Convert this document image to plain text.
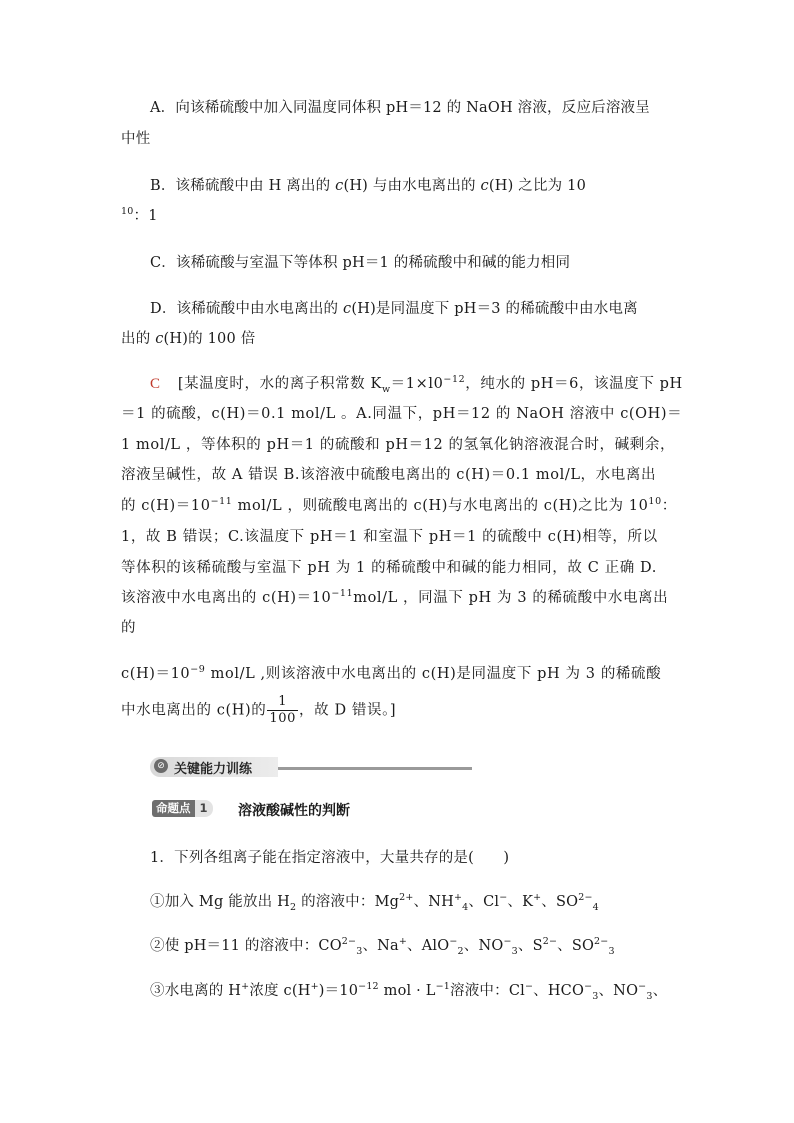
A．向该稀硫酸中加入同温度同体积 pH＝12 的 NaOH 溶液，反应后溶液呈
中性
B．该稀硫酸中由 H 离出的 c(H) 与由水电离出的 c(H) 之比为 10
$^{10}$：1
C．该稀硫酸与室温下等体积 pH＝1 的稀硫酸中和碱的能力相同
D．该稀硫酸中由水电离出的 c(H)是同温度下 pH＝3 的稀硫酸中由水电离
出的 c(H)的 100 倍
C [某温度时，水的离子积常数 $K_w=1\times l0^{-12}$，纯水的 pH＝6，该温度下 pH
＝1 的硫酸，c(H)＝0.1 mol/L 。A.同温下，pH＝12 的 NaOH 溶液中 c(OH)＝
1 mol/L ，等体积的 pH＝1 的硫酸和 pH＝12 的氢氧化钠溶液混合时，碱剩余，
溶液呈碱性，故 A 错误 B.该溶液中硫酸电离出的 c(H)＝0.1 mol/L，水电离出
的 $c(H)=10^{-11}$ mol/L ，则硫酸电离出的 c(H)与水电离出的 c(H)之比为 $10^{10}$：
1，故 B 错误；C.该温度下 pH＝1 和室温下 pH＝1 的硫酸中 c(H)相等，所以
等体积的该稀硫酸与室温下 pH 为 1 的稀硫酸中和碱的能力相同，故 C 正确 D.
该溶液中水电离出的 $c(H)=10^{-11}mol/L$ ，同温下 pH 为 3 的稀硫酸中水电离出
的
$c(H)=10^{-9}$ mol/L ,则该溶液中水电离出的 c(H)是同温度下 pH 为 3 的稀硫酸
中水电离出的 c(H)的 $\frac{1}{100}$ ，故 D 错误。]
⊘ 关键能力训练
命题点 1	溶液酸碱性的判断
1．下列各组离子能在指定溶液中，大量共存的是(　　)
①加入 Mg 能放出 $H_2$ 的溶液中：$Mg^{2+}$、$NH^+_4$、Cl−、K+、$SO^{2-}_4$
②使 pH＝11 的溶液中：$CO^{2-}_3$、Na+、AlO−$_2$、$NO^-_3$、$S^{2-}$、$SO^{2-}_3$
③水电离的 H+浓度 $c(H^+)=10^{-12}$ mol · $L^{-1}$溶液中：Cl−、$HCO^-_3$、$NO^-_3$、
